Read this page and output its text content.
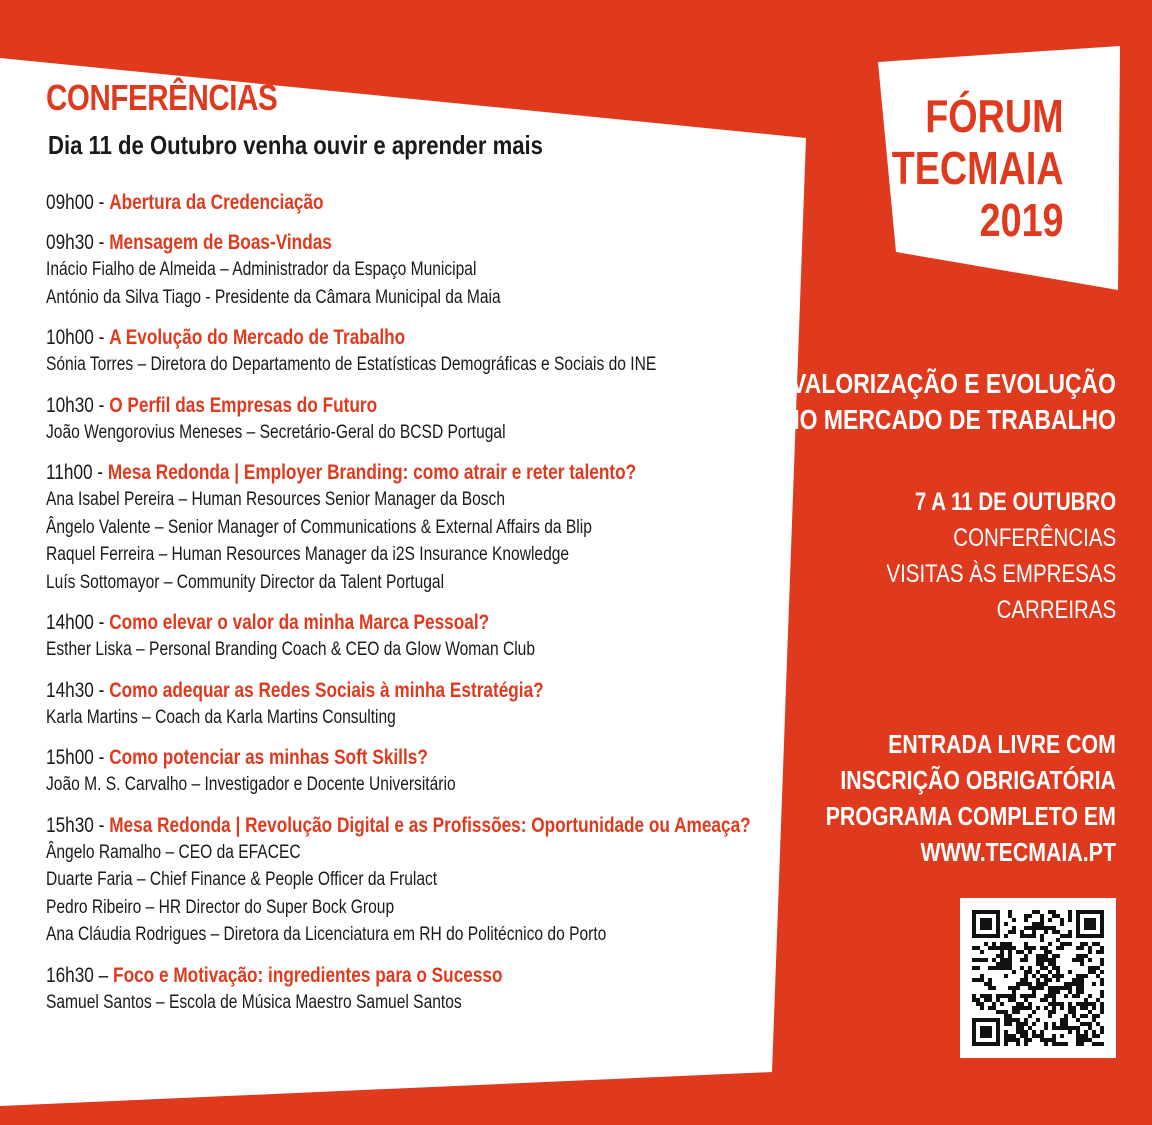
CONFERÊNCIAS
Dia 11 de Outubro venha ouvir e aprender mais
09h00 - Abertura da Credenciação
09h30 - Mensagem de Boas-Vindas
Inácio Fialho de Almeida – Administrador da Espaço Municipal
António da Silva Tiago - Presidente da Câmara Municipal da Maia
10h00 - A Evolução do Mercado de Trabalho
Sónia Torres – Diretora do Departamento de Estatísticas Demográficas e Sociais do INE
10h30 - O Perfil das Empresas do Futuro
João Wengorovius Meneses – Secretário-Geral do BCSD Portugal
11h00 - Mesa Redonda | Employer Branding: como atrair e reter talento?
Ana Isabel Pereira – Human Resources Senior Manager da Bosch
Ângelo Valente – Senior Manager of Communications & External Affairs da Blip
Raquel Ferreira – Human Resources Manager da i2S Insurance Knowledge
Luís Sottomayor – Community Director da Talent Portugal
14h00 - Como elevar o valor da minha Marca Pessoal?
Esther Liska – Personal Branding Coach & CEO da Glow Woman Club
14h30 - Como adequar as Redes Sociais à minha Estratégia?
Karla Martins – Coach da Karla Martins Consulting
15h00 - Como potenciar as minhas Soft Skills?
João M. S. Carvalho – Investigador e Docente Universitário
15h30 - Mesa Redonda | Revolução Digital e as Profissões: Oportunidade ou Ameaça?
Ângelo Ramalho – CEO da EFACEC
Duarte Faria – Chief Finance & People Officer da Frulact
Pedro Ribeiro – HR Director do Super Bock Group
Ana Cláudia Rodrigues – Diretora da Licenciatura em RH do Politécnico do Porto
16h30 – Foco e Motivação: ingredientes para o Sucesso
Samuel Santos – Escola de Música Maestro Samuel Santos
FÓRUM
TECMAIA
2019
VALORIZAÇÃO E EVOLUÇÃO
NO MERCADO DE TRABALHO
7 A 11 DE OUTUBRO
CONFERÊNCIAS
VISITAS ÀS EMPRESAS
CARREIRAS
ENTRADA LIVRE COM
INSCRIÇÃO OBRIGATÓRIA
PROGRAMA COMPLETO EM
WWW.TECMAIA.PT
